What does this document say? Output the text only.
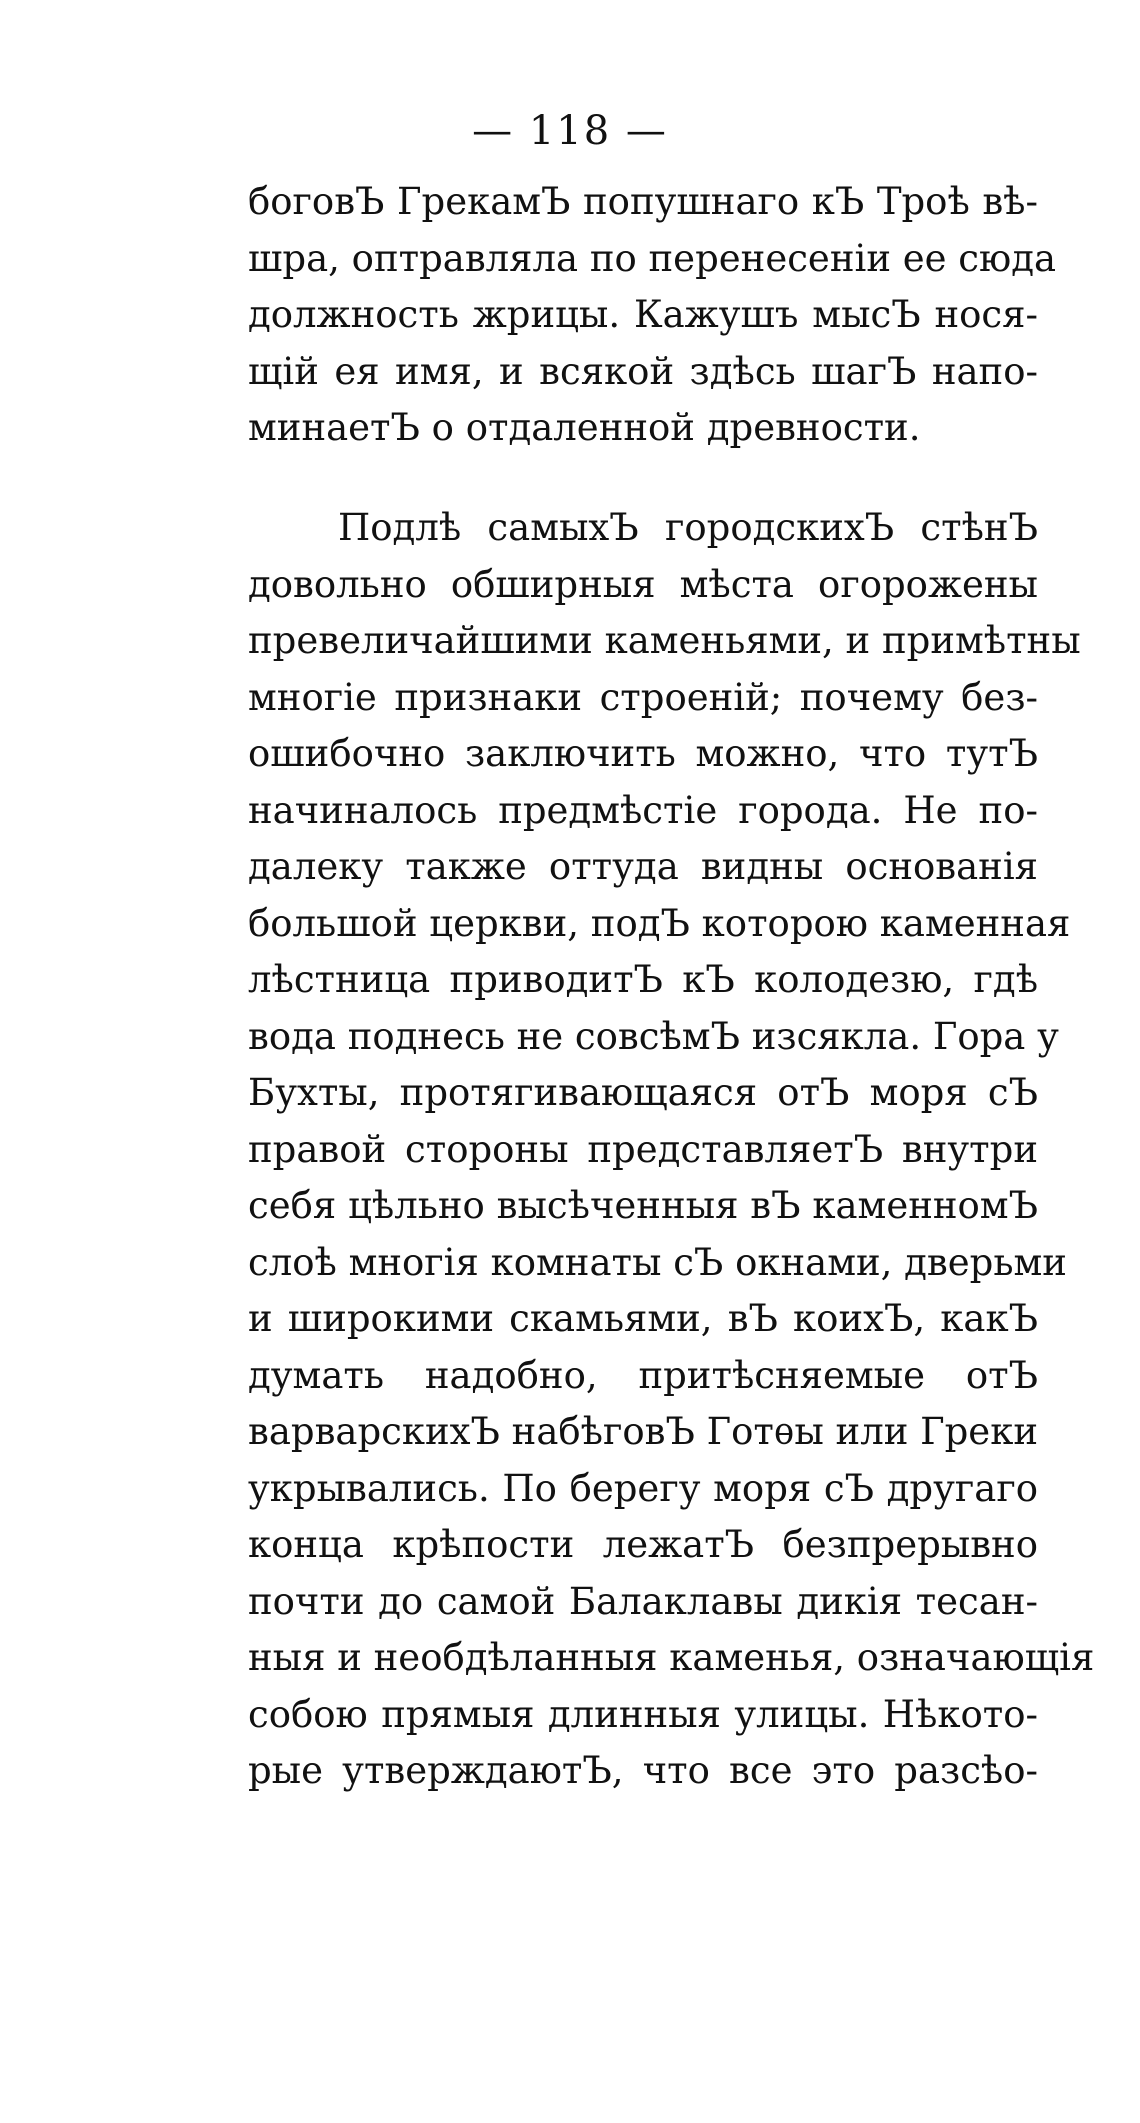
— 118 —
боговЪ ГрекамЪ попушнаго кЪ Троѣ вѣ-
шра, оптравляла по перенесенiи ее сюда
должность жрицы. Кажушъ мысЪ нося-
щiй ея имя, и всякой здѣсь шагЪ напо-
минаетЪ о отдаленной древности.
Подлѣ самыхЪ городскихЪ стѣнЪ
довольно обширныя мѣста огорожены
превеличайшими каменьями, и примѣтны
многiе признаки строенiй; почему без-
ошибочно заключить можно, что тутЪ
начиналось предмѣстiе города. Не по-
далеку также оттуда видны основанiя
большой церкви, подЪ которою каменная
лѣстница приводитЪ кЪ колодезю, гдѣ
вода поднесь не совсѣмЪ изсякла. Гора у
Бухты, протягивающаяся отЪ моря сЪ
правой стороны представляетЪ внутри
себя цѣльно высѣченныя вЪ каменномЪ
слоѣ многiя комнаты сЪ окнами, дверьми
и широкими скамьями, вЪ коихЪ, какЪ
думать надобно, притѣсняемые отЪ
варварскихЪ набѣговЪ Готѳы или Греки
укрывались. По берегу моря сЪ другаго
конца крѣпости лежатЪ безпрерывно
почти до самой Балаклавы дикiя тесан-
ныя и необдѣланныя каменья, означающiя
собою прямыя длинныя улицы. Нѣкото-
рые утверждаютЪ, что все это разсѣо-
